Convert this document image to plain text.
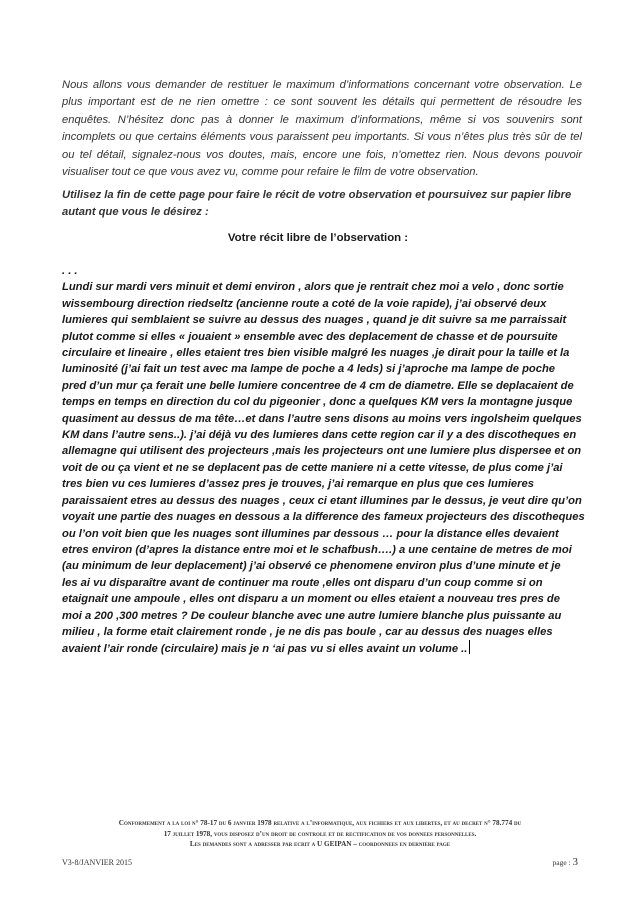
Nous allons vous demander de restituer le maximum d’informations concernant votre observation. Le plus important est de ne rien omettre : ce sont souvent les détails qui permettent de résoudre les enquêtes. N’hésitez donc pas à donner le maximum d’informations, même si vos souvenirs sont incomplets ou que certains éléments vous paraissent peu importants. Si vous n’êtes plus très sûr de tel ou tel détail, signalez-nous vos doutes, mais, encore une fois, n’omettez rien. Nous devons pouvoir visualiser tout ce que vous avez vu, comme pour refaire le film de votre observation.

Utilisez la fin de cette page pour faire le récit de votre observation et poursuivez sur papier libre autant que vous le désirez :

Votre récit libre de l’observation :

. . .
Lundi sur mardi vers minuit et demi environ , alors que je rentrait chez moi a velo , donc sortie
wissembourg direction riedseltz (ancienne route a coté de la voie rapide), j’ai observé deux
lumieres qui semblaient se suivre au dessus des nuages , quand je dit suivre sa me parraissait
plutot comme si elles « jouaient » ensemble avec des deplacement de chasse et de poursuite
circulaire et lineaire , elles etaient tres bien visible malgré les nuages ,je dirait pour la taille et la
luminosité (j’ai fait un test avec ma lampe de poche a 4 leds) si j’aproche ma lampe de poche
pred d’un mur ça ferait une belle lumiere concentree de 4 cm de diametre. Elle se deplacaient de
temps en temps en direction du col du pigeonier , donc a quelques KM vers la montagne jusque
quasiment au dessus de ma tête…et dans l’autre sens disons au moins vers ingolsheim quelques
KM dans l’autre sens..). j’ai déjà vu des lumieres dans cette region car il y a des discotheques en
allemagne qui utilisent des projecteurs ,mais les projecteurs ont une lumiere plus dispersee et on
voit de ou ça vient et ne se deplacent pas de cette maniere ni a cette vitesse, de plus come j’ai
tres bien vu ces lumieres d’assez pres je trouves, j’ai remarque en plus que ces lumieres
paraissaient etres au dessus des nuages , ceux ci etant illumines par le dessus, je veut dire qu’on
voyait une partie des nuages en dessous a la difference des fameux projecteurs des discotheques
ou l’on voit bien que les nuages sont illumines par dessous … pour la distance elles devaient
etres environ (d’apres la distance entre moi et le schafbush….) a une centaine de metres de moi
(au minimum de leur deplacement) j’ai observé ce phenomene environ plus d’une minute et je
les ai vu disparaître avant de continuer ma route ,elles ont disparu d’un coup comme si on
etaignait une ampoule , elles ont disparu a un moment ou elles etaient a nouveau tres pres de
moi a 200 ,300 metres ? De couleur blanche avec une autre lumiere blanche plus puissante au
milieu , la forme etait clairement ronde , je ne dis pas boule , car au dessus des nuages elles
avaient l’air ronde (circulaire) mais je n ‘ai pas vu si elles avaint un volume ..
Conformement a la loi n° 78-17 du 6 janvier 1978 relative a l’informatique, aux fichiers et aux libertes, et au decret n° 78.774 du
17 juillet 1978, vous disposez d’un droit de controle et de rectification de vos donnees personnelles.
Les demandes sont a adresser par ecrit a U GEIPAN – coordonnees en derniere page
V3-8/JANVIER 2015	page : 3
